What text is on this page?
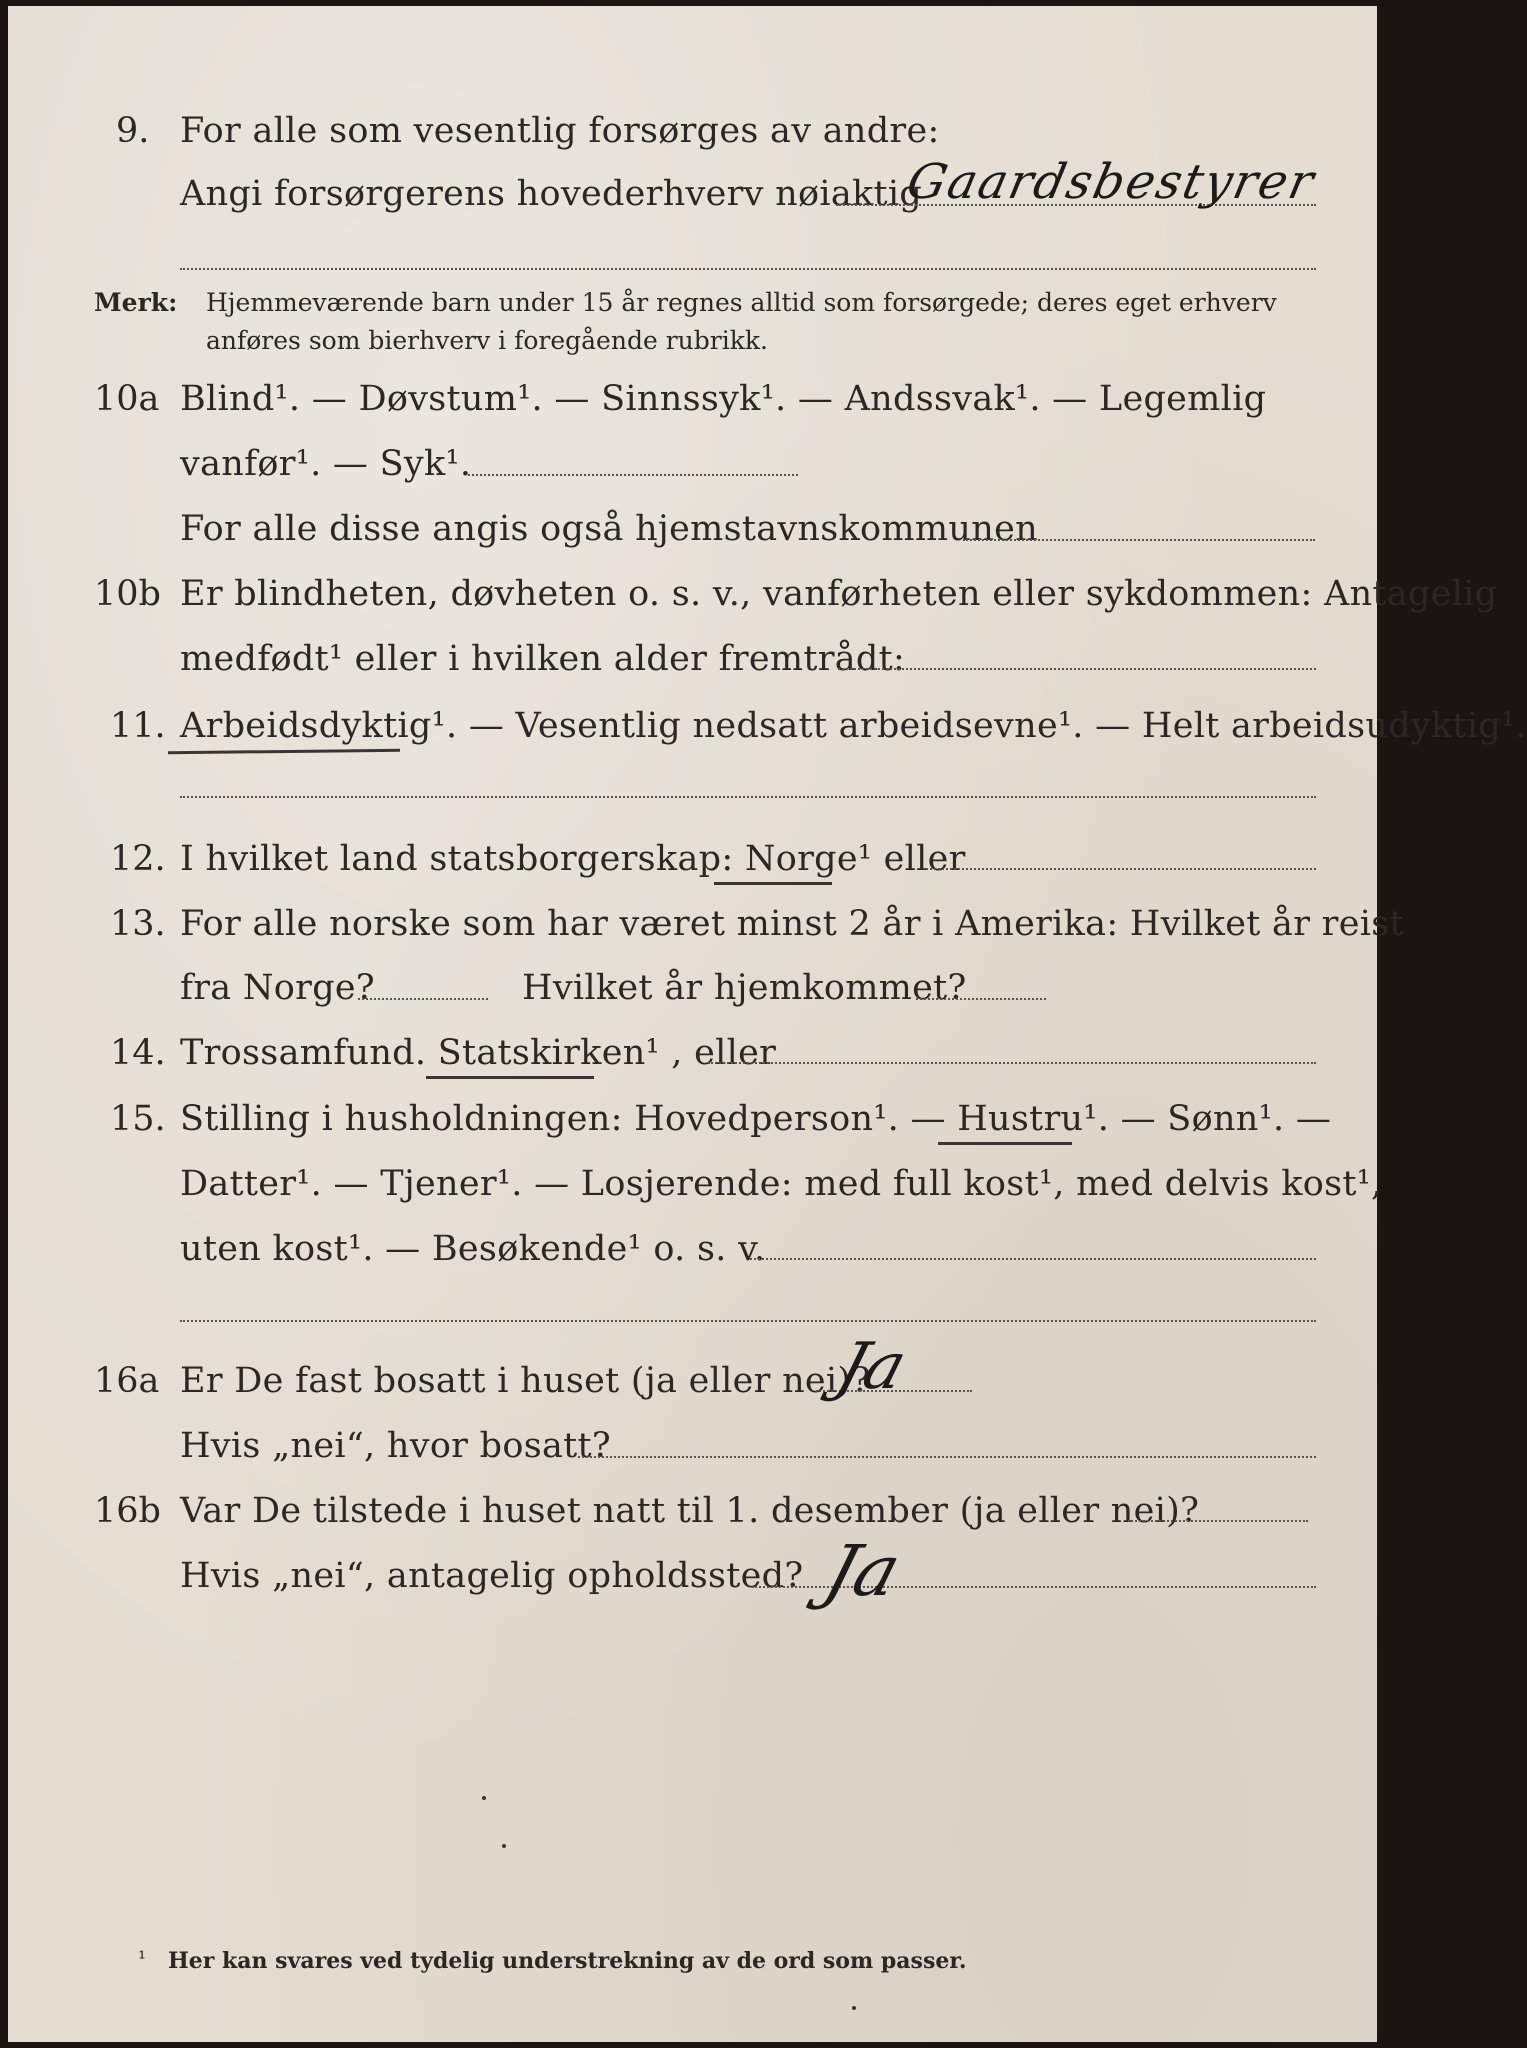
9. For alle som vesentlig forsørges av andre:
Angi forsørgerens hovederhverv nøiaktig
Gaardsbestyrer
Merk: Hjemmeværende barn under 15 år regnes alltid som forsørgede; deres eget erhverv
anføres som bierhverv i foregående rubrikk.
10a Blind¹. — Døvstum¹. — Sinnssyk¹. — Andssvak¹. — Legemlig
vanfør¹. — Syk¹.
For alle disse angis også hjemstavnskommunen
10b Er blindheten, døvheten o. s. v., vanførheten eller sykdommen: Antagelig
medfødt¹ eller i hvilken alder fremtrådt:
11. Arbeidsdyktig¹. — Vesentlig nedsatt arbeidsevne¹. — Helt arbeidsudyktig¹.
12. I hvilket land statsborgerskap: Norge¹ eller
13. For alle norske som har været minst 2 år i Amerika: Hvilket år reist
fra Norge?	Hvilket år hjemkommet?
14. Trossamfund. Statskirken¹ , eller
15. Stilling i husholdningen: Hovedperson¹. — Hustru¹. — Sønn¹. —
Datter¹. — Tjener¹. — Losjerende: med full kost¹, med delvis kost¹,
uten kost¹. — Besøkende¹ o. s. v.
16a Er De fast bosatt i huset (ja eller nei)?
Ja
Hvis „nei“, hvor bosatt?
16b Var De tilstede i huset natt til 1. desember (ja eller nei)?
Hvis „nei“, antagelig opholdssted? Ja
¹ Her kan svares ved tydelig understrekning av de ord som passer.
